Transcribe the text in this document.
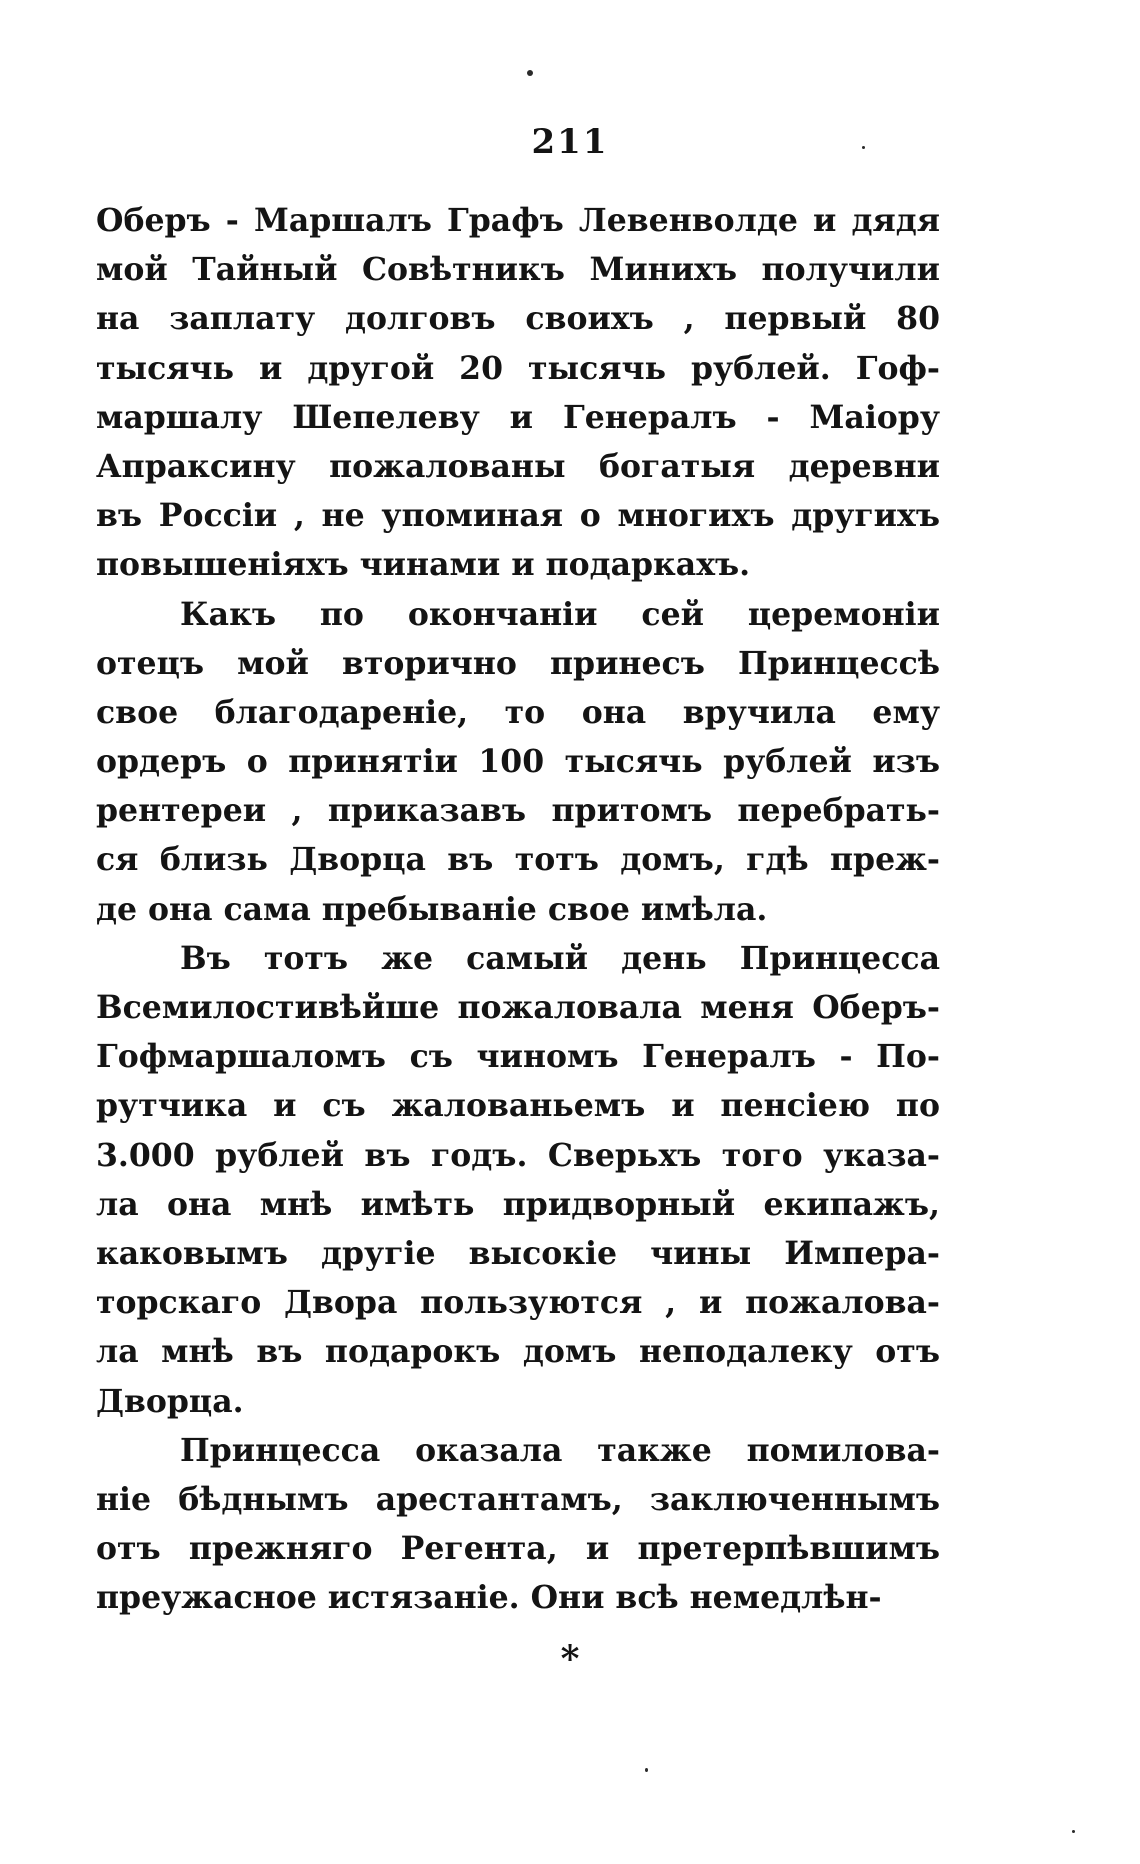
211
Оберъ - Маршалъ Графъ Левенволде и дядя
мой Тайный Совѣтникъ Минихъ получили
на заплату долговъ своихъ , первый 80
тысячь и другой 20 тысячь рублей. Гоф-
маршалу Шепелеву и Генералъ - Маіору
Апраксину пожалованы богатыя деревни
въ Россіи , не упоминая о многихъ другихъ
повышеніяхъ чинами и подаркахъ.
Какъ по окончаніи сей церемоніи
отецъ мой вторично принесъ Принцессѣ
свое благодареніе, то она вручила ему
ордеръ о принятіи 100 тысячь рублей изъ
рентереи , приказавъ притомъ перебрать-
ся близь Дворца въ тотъ домъ, гдѣ преж-
де она сама пребываніе свое имѣла.
Въ тотъ же самый день Принцесса
Всемилостивѣйше пожаловала меня Оберъ-
Гофмаршаломъ съ чиномъ Генералъ - По-
рутчика и съ жалованьемъ и пенсіею по
3.000 рублей въ годъ. Сверьхъ того указа-
ла она мнѣ имѣть придворный екипажъ,
каковымъ другіе высокіе чины Импера-
торскаго Двора пользуются , и пожалова-
ла мнѣ въ подарокъ домъ неподалеку отъ
Дворца.
Принцесса оказала также помилова-
ніе бѣднымъ арестантамъ, заключеннымъ
отъ прежняго Регента, и претерпѣвшимъ
преужасное истязаніе. Они всѣ немедлѣн-
*
